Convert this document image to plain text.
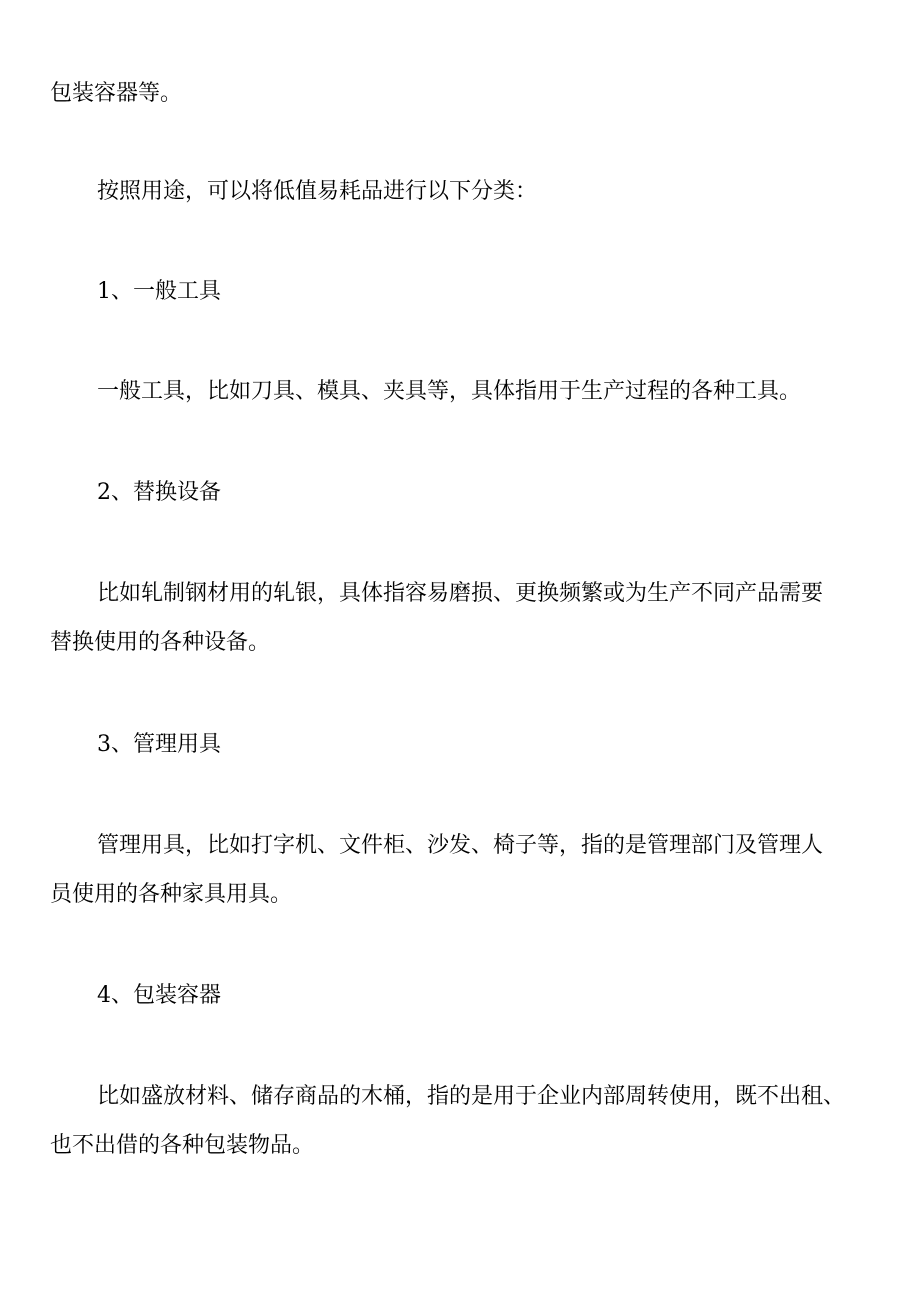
包装容器等。
按照用途，可以将低值易耗品进行以下分类：
1、一般工具
一般工具，比如刀具、模具、夹具等，具体指用于生产过程的各种工具。
2、替换设备
比如轧制钢材用的轧银，具体指容易磨损、更换频繁或为生产不同产品需要
替换使用的各种设备。
3、管理用具
管理用具，比如打字机、文件柜、沙发、椅子等，指的是管理部门及管理人
员使用的各种家具用具。
4、包装容器
比如盛放材料、储存商品的木桶，指的是用于企业内部周转使用，既不出租、
也不出借的各种包装物品。
